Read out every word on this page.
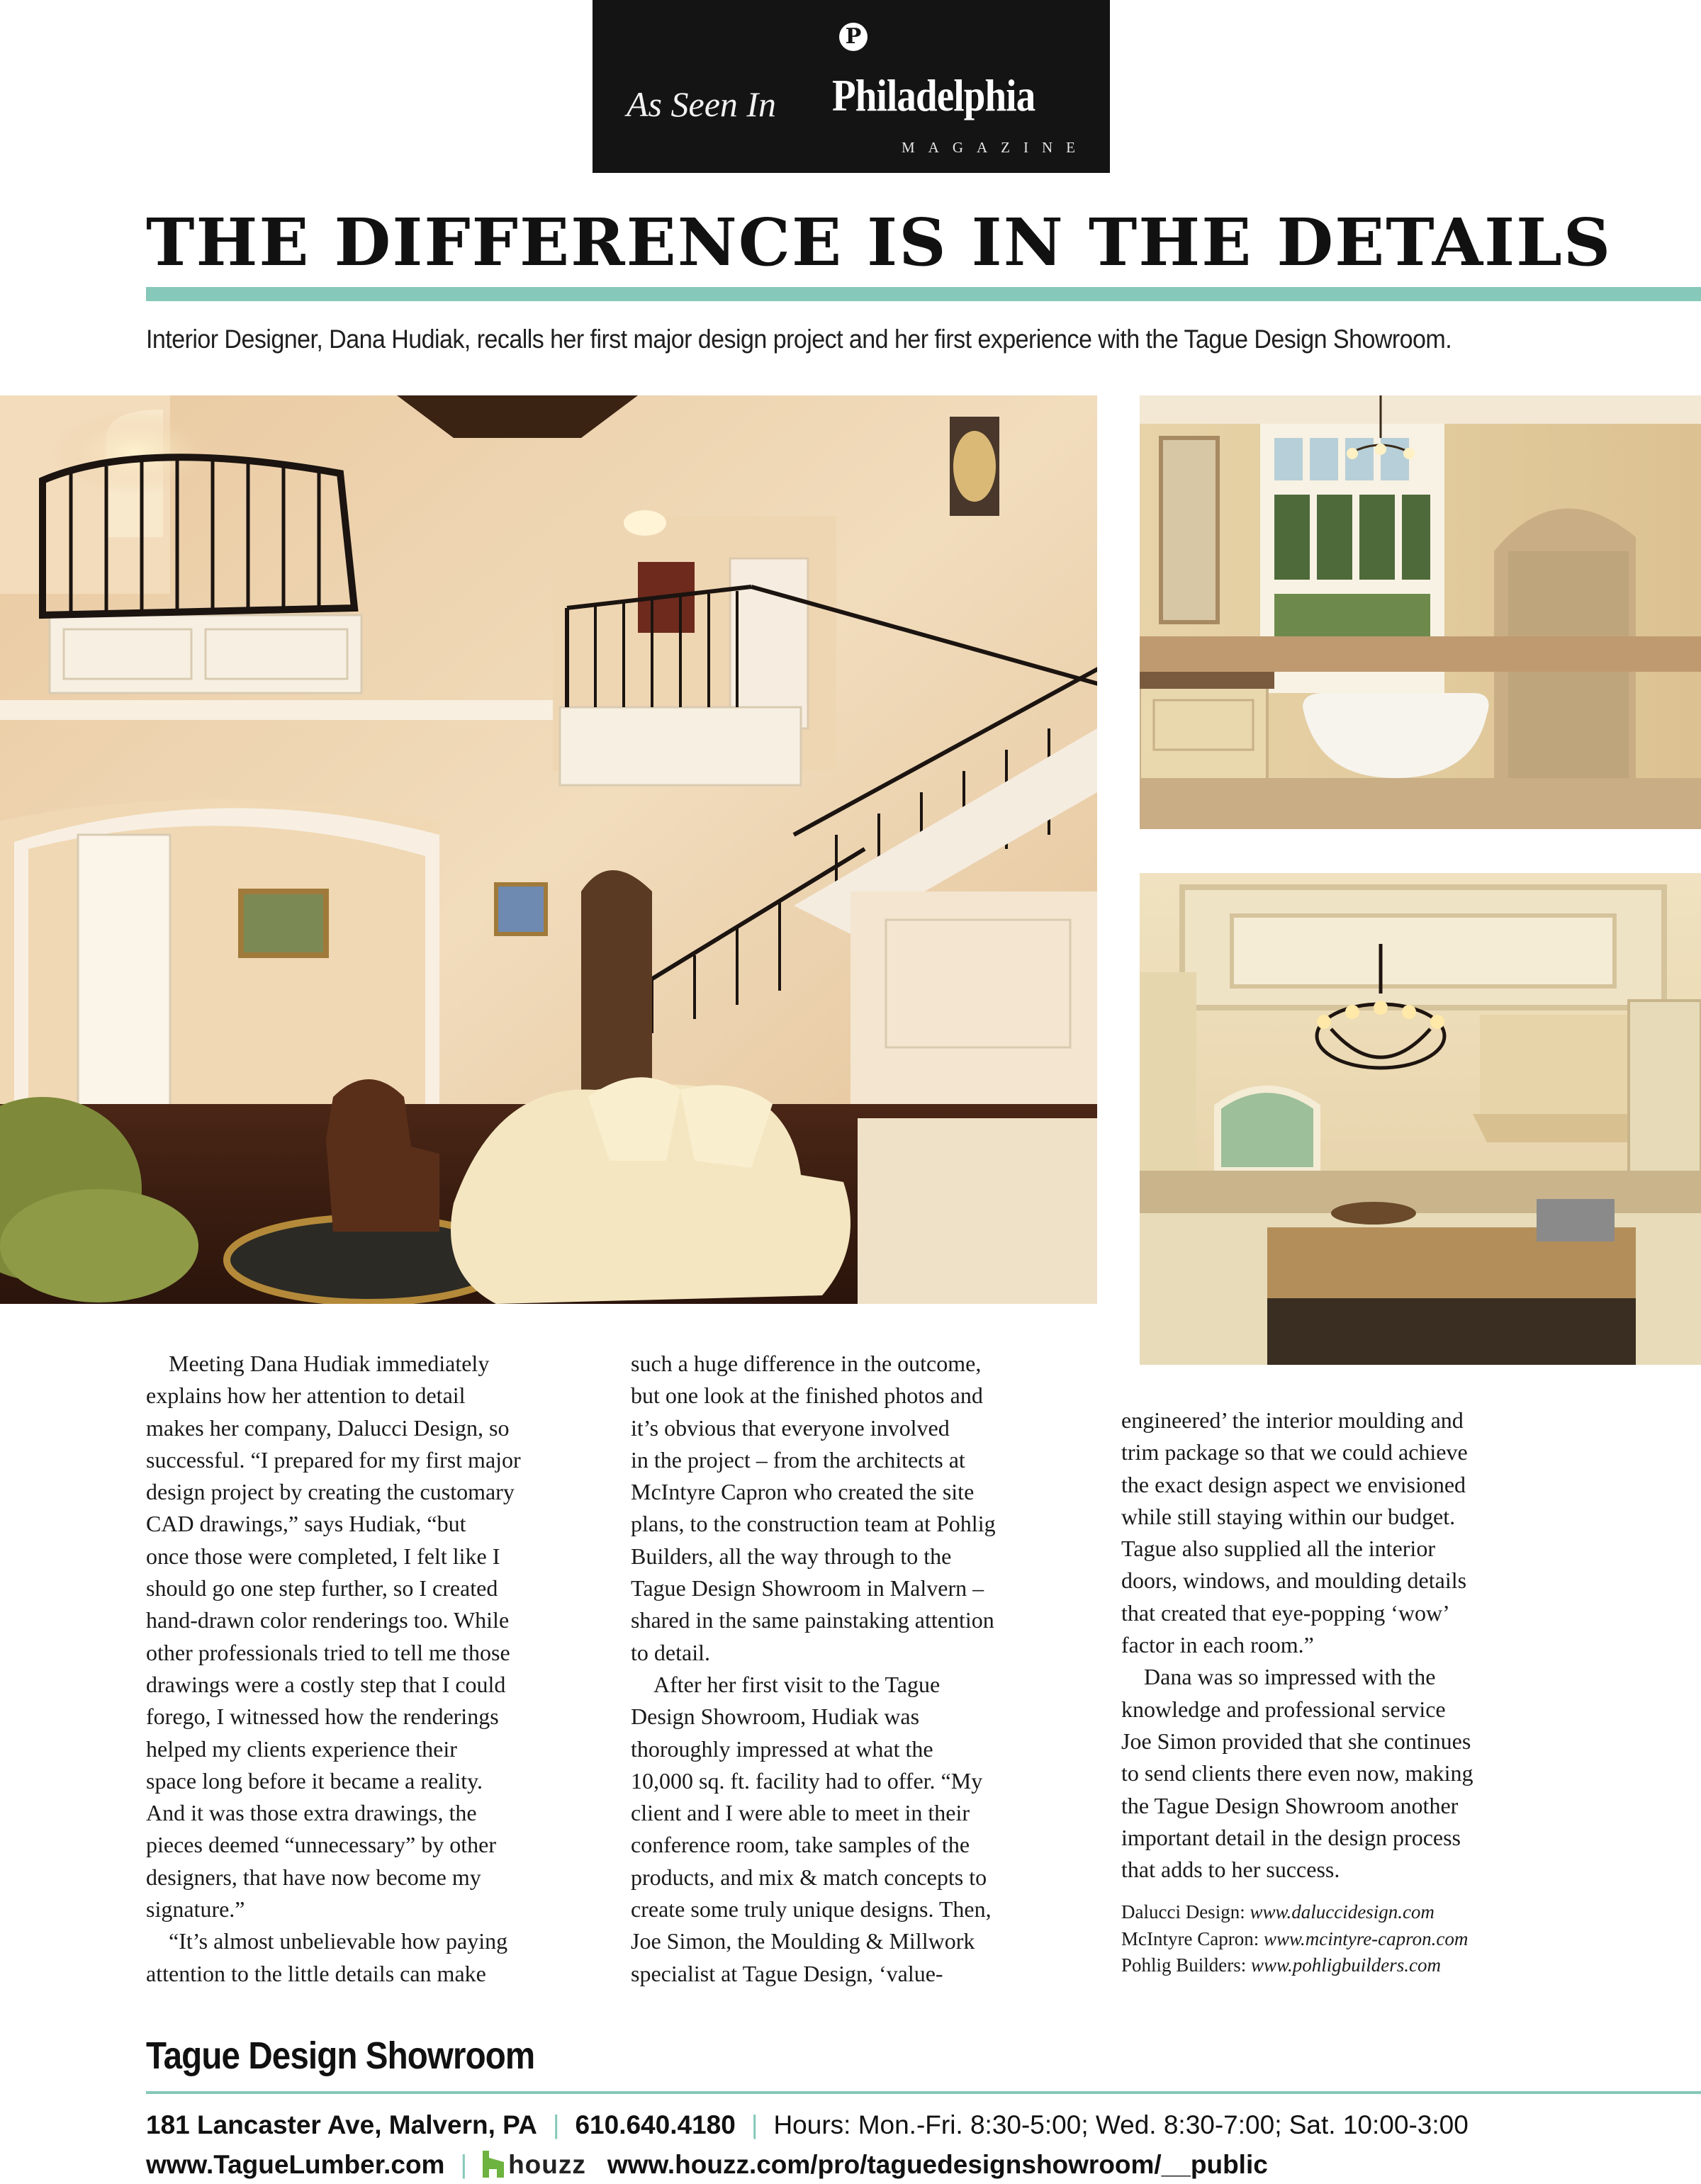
P
As Seen In Philadelphia
MAGAZINE
THE DIFFERENCE IS IN THE DETAILS
Interior Designer, Dana Hudiak, recalls her first major design project and her first experience with the Tague Design Showroom.

 Meeting Dana Hudiak immediately

explains how her attention to detail

makes her company, Dalucci Design, so

successful. “I prepared for my first major

design project by creating the customary

CAD drawings,” says Hudiak, “but

once those were completed, I felt like I

should go one step further, so I created

hand-drawn color renderings too. While

other professionals tried to tell me those

drawings were a costly step that I could

forego, I witnessed how the renderings

helped my clients experience their

space long before it became a reality.

And it was those extra drawings, the

pieces deemed “unnecessary” by other

designers, that have now become my

signature.”

 “It’s almost unbelievable how paying

attention to the little details can make

such a huge difference in the outcome,

but one look at the finished photos and

it’s obvious that everyone involved

in the project – from the architects at

McIntyre Capron who created the site

plans, to the construction team at Pohlig

Builders, all the way through to the

Tague Design Showroom in Malvern –

shared in the same painstaking attention

to detail.

 After her first visit to the Tague

Design Showroom, Hudiak was

thoroughly impressed at what the

10,000 sq. ft. facility had to offer. “My

client and I were able to meet in their

conference room, take samples of the

products, and mix & match concepts to

create some truly unique designs. Then,

Joe Simon, the Moulding & Millwork

specialist at Tague Design, ‘value-

engineered’ the interior moulding and

trim package so that we could achieve

the exact design aspect we envisioned

while still staying within our budget.

Tague also supplied all the interior

doors, windows, and moulding details

that created that eye-popping ‘wow’

factor in each room.”

 Dana was so impressed with the

knowledge and professional service

Joe Simon provided that she continues

to send clients there even now, making

the Tague Design Showroom another

important detail in the design process

that adds to her success.

Dalucci Design: www.daluccidesign.com
McIntyre Capron: www.mcintyre-capron.com
Pohlig Builders: www.pohligbuilders.com
Tague Design Showroom
181 Lancaster Ave, Malvern, PA | 610.640.4180 | Hours: Mon.-Fri. 8:30-5:00; Wed. 8:30-7:00; Sat. 10:00-3:00
www.TagueLumber.com | houzz www.houzz.com/pro/taguedesignshowroom/__public
